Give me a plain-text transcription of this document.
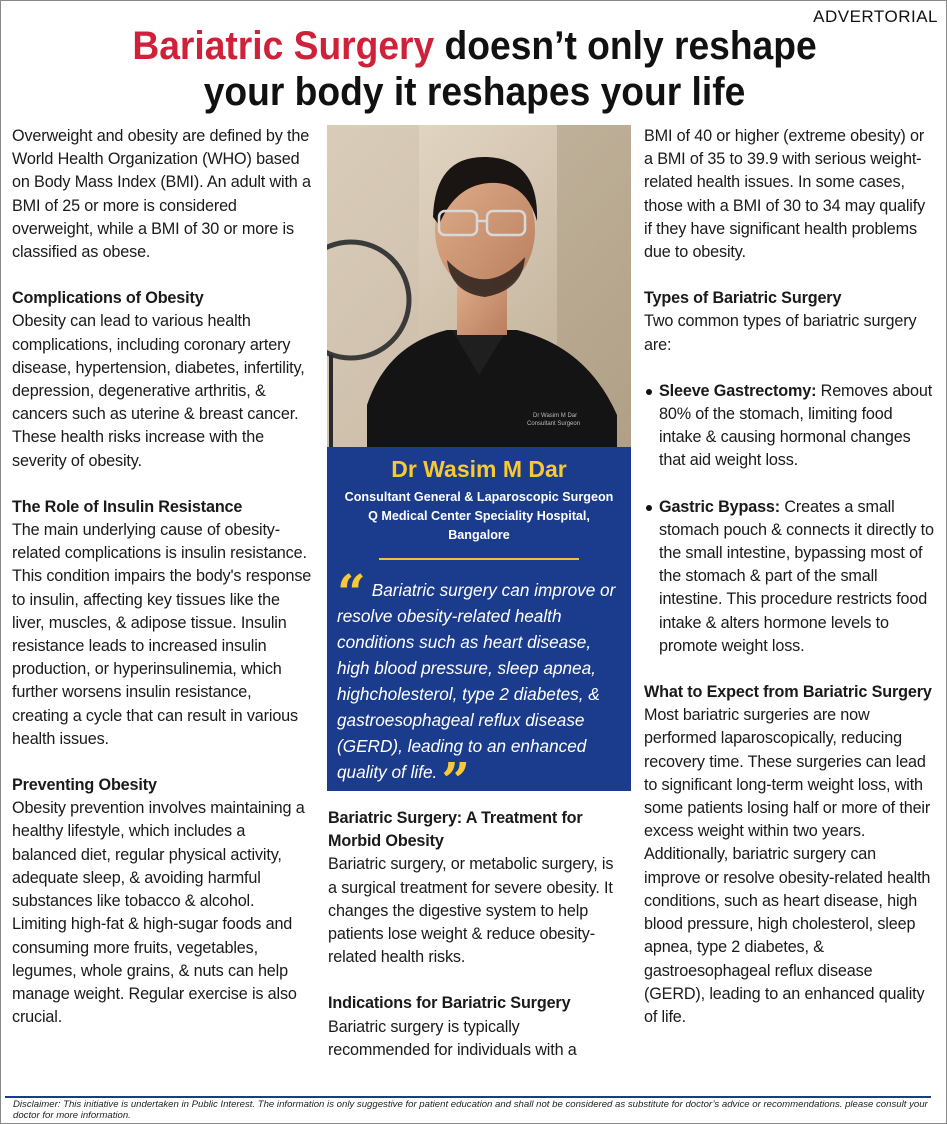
ADVERTORIAL
Bariatric Surgery doesn’t only reshape
your body it reshapes your life

Overweight and obesity are defined by the World Health Organization (WHO) based on Body Mass Index (BMI). An adult with a BMI of 25 or more is considered overweight, while a BMI of 30 or more is classified as obese.

Complications of Obesity

Obesity can lead to various health complications, including coronary artery disease, hypertension, diabetes, infertility, depression, degenerative arthritis, & cancers such as uterine & breast cancer. These health risks increase with the severity of obesity.

The Role of Insulin Resistance

The main underlying cause of obesity-related complications is insulin resistance. This condition impairs the body's response to insulin, affecting key tissues like the liver, muscles, & adipose tissue. Insulin resistance leads to increased insulin production, or hyperinsulinemia, which further worsens insulin resistance, creating a cycle that can result in various health issues.

Preventing Obesity

Obesity prevention involves maintaining a healthy lifestyle, which includes a balanced diet, regular physical activity, adequate sleep, & avoiding harmful substances like tobacco & alcohol. Limiting high-fat & high-sugar foods and consuming more fruits, vegetables, legumes, whole grains, & nuts can help manage weight. Regular exercise is also crucial.

Dr Wasim M Dar
Consultant Surgeon
Dr Wasim M Dar
Consultant General & Laparoscopic Surgeon
Q Medical Center Speciality Hospital,
Bangalore
“ Bariatric surgery can improve or resolve obesity-related health conditions such as heart disease, high blood pressure, sleep apnea, highcholesterol, type 2 diabetes, & gastroesophageal reflux disease (GERD), leading to an enhanced quality of life.”
Bariatric Surgery: A Treatment for Morbid Obesity

Bariatric surgery, or metabolic surgery, is a surgical treatment for severe obesity. It changes the digestive system to help patients lose weight & reduce obesity-related health risks.

Indications for Bariatric Surgery

Bariatric surgery is typically recommended for individuals with a

BMI of 40 or higher (extreme obesity) or a BMI of 35 to 39.9 with serious weight-related health issues. In some cases, those with a BMI of 30 to 34 may qualify if they have significant health problems due to obesity.

Types of Bariatric Surgery

Two common types of bariatric surgery are:

Sleeve Gastrectomy: Removes about 80% of the stomach, limiting food intake & causing hormonal changes that aid weight loss.
Gastric Bypass: Creates a small stomach pouch & connects it directly to the small intestine, bypassing most of the stomach & part of the small intestine. This procedure restricts food intake & alters hormone levels to promote weight loss.
What to Expect from Bariatric Surgery

Most bariatric surgeries are now performed laparoscopically, reducing recovery time. These surgeries can lead to significant long-term weight loss, with some patients losing half or more of their excess weight within two years. Additionally, bariatric surgery can improve or resolve obesity-related health conditions, such as heart disease, high blood pressure, high cholesterol, sleep apnea, type 2 diabetes, & gastroesophageal reflux disease (GERD), leading to an enhanced quality of life.

Disclaimer: This initiative is undertaken in Public Interest. The information is only suggestive for patient education and shall not be considered as substitute for doctor’s advice or recommendations. please consult your doctor for more information.
